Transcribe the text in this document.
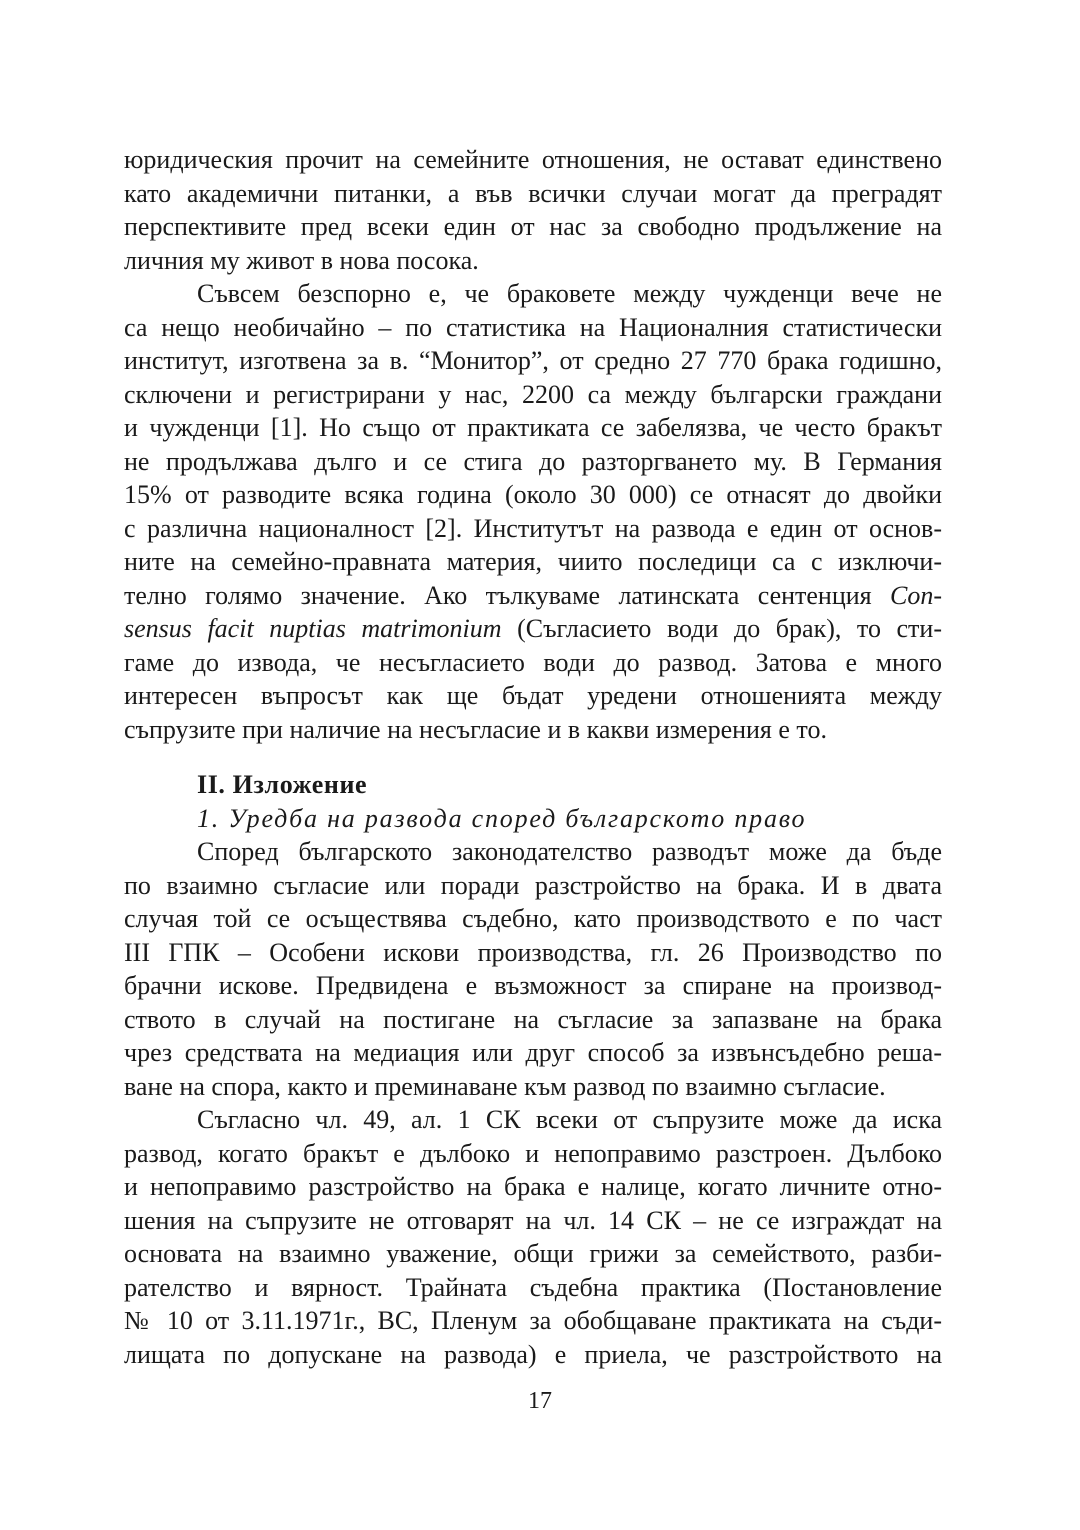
юридическия прочит на семейните отношения, не остават единствено
като академични питанки, а във всички случаи могат да преградят
перспективите пред всеки един от нас за свободно продължение на
личния му живот в нова посока.
Съвсем безспорно е, че браковете между чужденци вече не
са нещо необичайно – по статистика на Националния статистически
институт, изготвена за в. “Монитор”, от средно 27 770 брака годишно,
сключени и регистрирани у нас, 2200 са между български граждани
и чужденци [1]. Но също от практиката се забелязва, че често бракът
не продължава дълго и се стига до разторгването му. В Германия
15% от разводите всяка година (около 30 000) се отнасят до двойки
с различна националност [2]. Институтът на развода е един от основ-
ните на семейно-правната материя, чиито последици са с изключи-
телно голямо значение. Ако тълкуваме латинската сентенция Con-
sensus facit nuptias matrimonium (Съгласието води до брак), то сти-
гаме до извода, че несъгласието води до развод. Затова е много
интересен въпросът как ще бъдат уредени отношенията между
съпрузите при наличие на несъгласие и в какви измерения е то.
II. Изложение
1. Уредба на развода според българското право
Според българското законодателство разводът може да бъде
по взаимно съгласие или поради разстройство на брака. И в двата
случая той се осъществява съдебно, като производството е по част
III ГПК – Особени искови производства, гл. 26 Производство по
брачни искове. Предвидена е възможност за спиране на производ-
ството в случай на постигане на съгласие за запазване на брака
чрез средствата на медиация или друг способ за извънсъдебно реша-
ване на спора, както и преминаване към развод по взаимно съгласие.
Съгласно чл. 49, ал. 1 СК всеки от съпрузите може да иска
развод, когато бракът е дълбоко и непоправимо разстроен. Дълбоко
и непоправимо разстройство на брака е налице, когато личните отно-
шения на съпрузите не отговарят на чл. 14 СК – не се изграждат на
основата на взаимно уважение, общи грижи за семейството, разби-
рателство и вярност. Трайната съдебна практика (Постановление
№ 10 от 3.11.1971г., ВС, Пленум за обобщаване практиката на съди-
лищата по допускане на развода) е приела, че разстройството на
17
